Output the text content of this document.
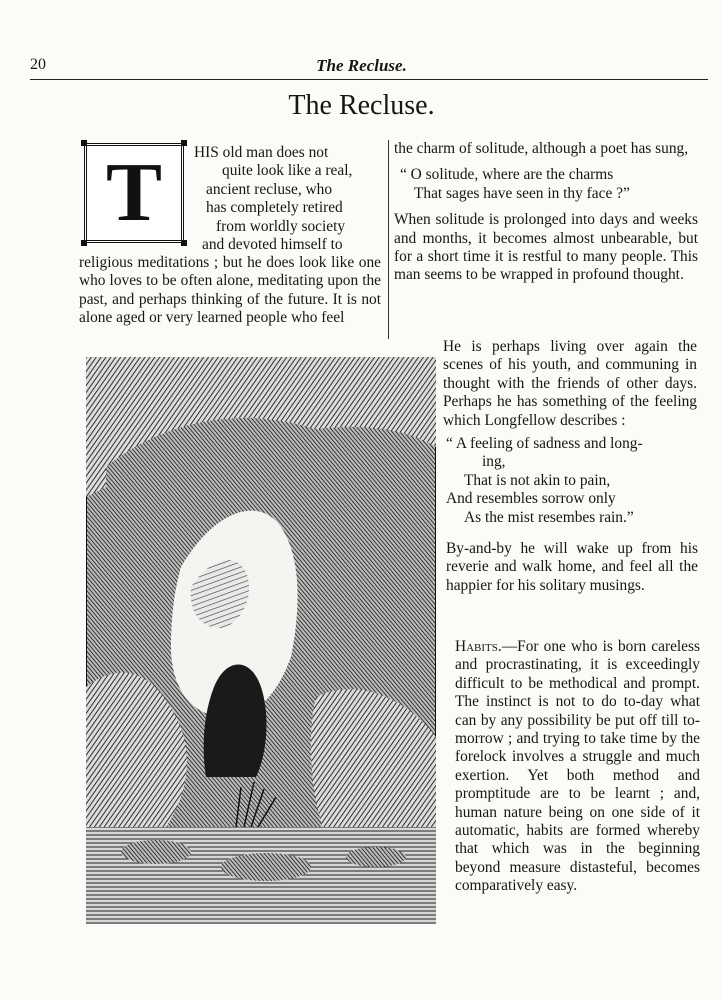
20	The Recluse.
The Recluse.
T HIS old man does not
quite look like a real,
ancient recluse, who
has completely retired
from worldly society
and devoted himself to

religious meditations ; but he does look like one who loves to be often alone, meditating upon the past, and perhaps thinking of the future. It is not alone aged or very learned people who feel

the charm of solitude, although a poet has sung,

“ O solitude, where are the charms
That sages have seen in thy face ?”

When solitude is prolonged into days and weeks and months, it becomes almost unbearable, but for a short time it is restful to many people. This man seems to be wrapped in profound thought.

He is perhaps living over again the scenes of his youth, and communing in thought with the friends of other days. Perhaps he has something of the feeling which Longfellow describes :

“ A feeling of sadness and long-
ing,
That is not akin to pain,
And resembles sorrow only
As the mist resembes rain.”

By-and-by he will wake up from his reverie and walk home, and feel all the happier for his solitary musings.

Habits.—For one who is born careless and procrastinating, it is exceedingly difficult to be methodical and prompt. The instinct is not to do to-day what can by any possibility be put off till to-morrow ; and trying to take time by the forelock involves a struggle and much exertion. Yet both method and promptitude are to be learnt ; and, human nature being on one side of it automatic, habits are formed whereby that which was in the beginning beyond measure distasteful, becomes comparatively easy.
